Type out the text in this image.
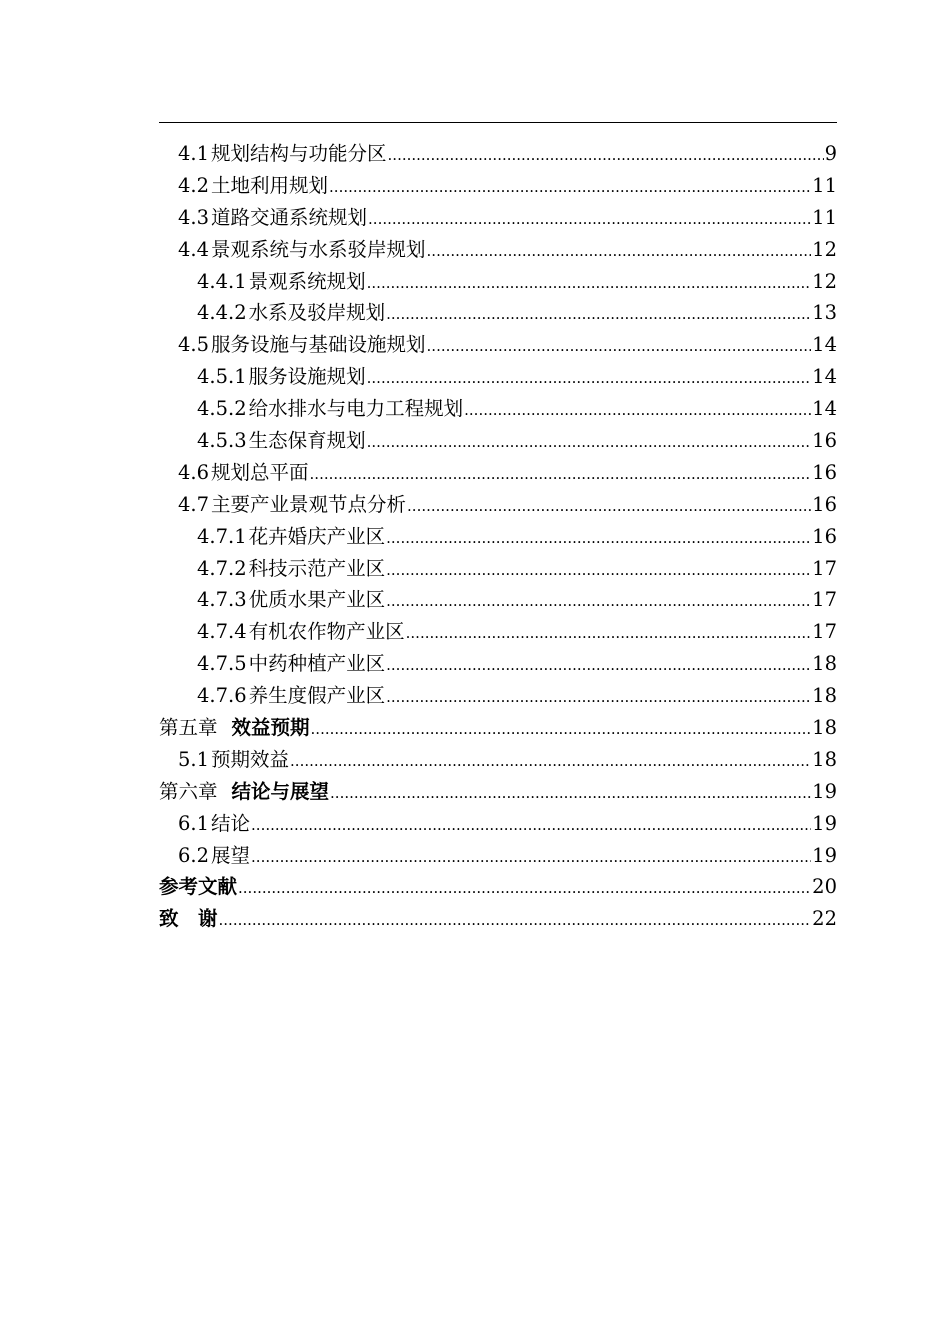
4.1 规划结构与功能分区 .....	9
4.2 土地利用规划 .....	11
4.3 道路交通系统规划 .....	11
4.4 景观系统与水系驳岸规划 .....	12
4.4.1 景观系统规划 .....	12
4.4.2 水系及驳岸规划 .....	13
4.5 服务设施与基础设施规划 .....	14
4.5.1 服务设施规划 .....	14
4.5.2 给水排水与电力工程规划 .....	14
4.5.3 生态保育规划 .....	16
4.6 规划总平面 .....	16
4.7 主要产业景观节点分析 .....	16
4.7.1 花卉婚庆产业区 .....	16
4.7.2 科技示范产业区 .....	17
4.7.3 优质水果产业区 .....	17
4.7.4 有机农作物产业区 .....	17
4.7.5 中药种植产业区 .....	18
4.7.6 养生度假产业区 .....	18
第五章 效益预期 .....	18
5.1 预期效益 .....	18
第六章 结论与展望 .....	19
6.1 结论 .....	19
6.2 展望 .....	19
参考文献 .....	20
致　谢 .....	22
